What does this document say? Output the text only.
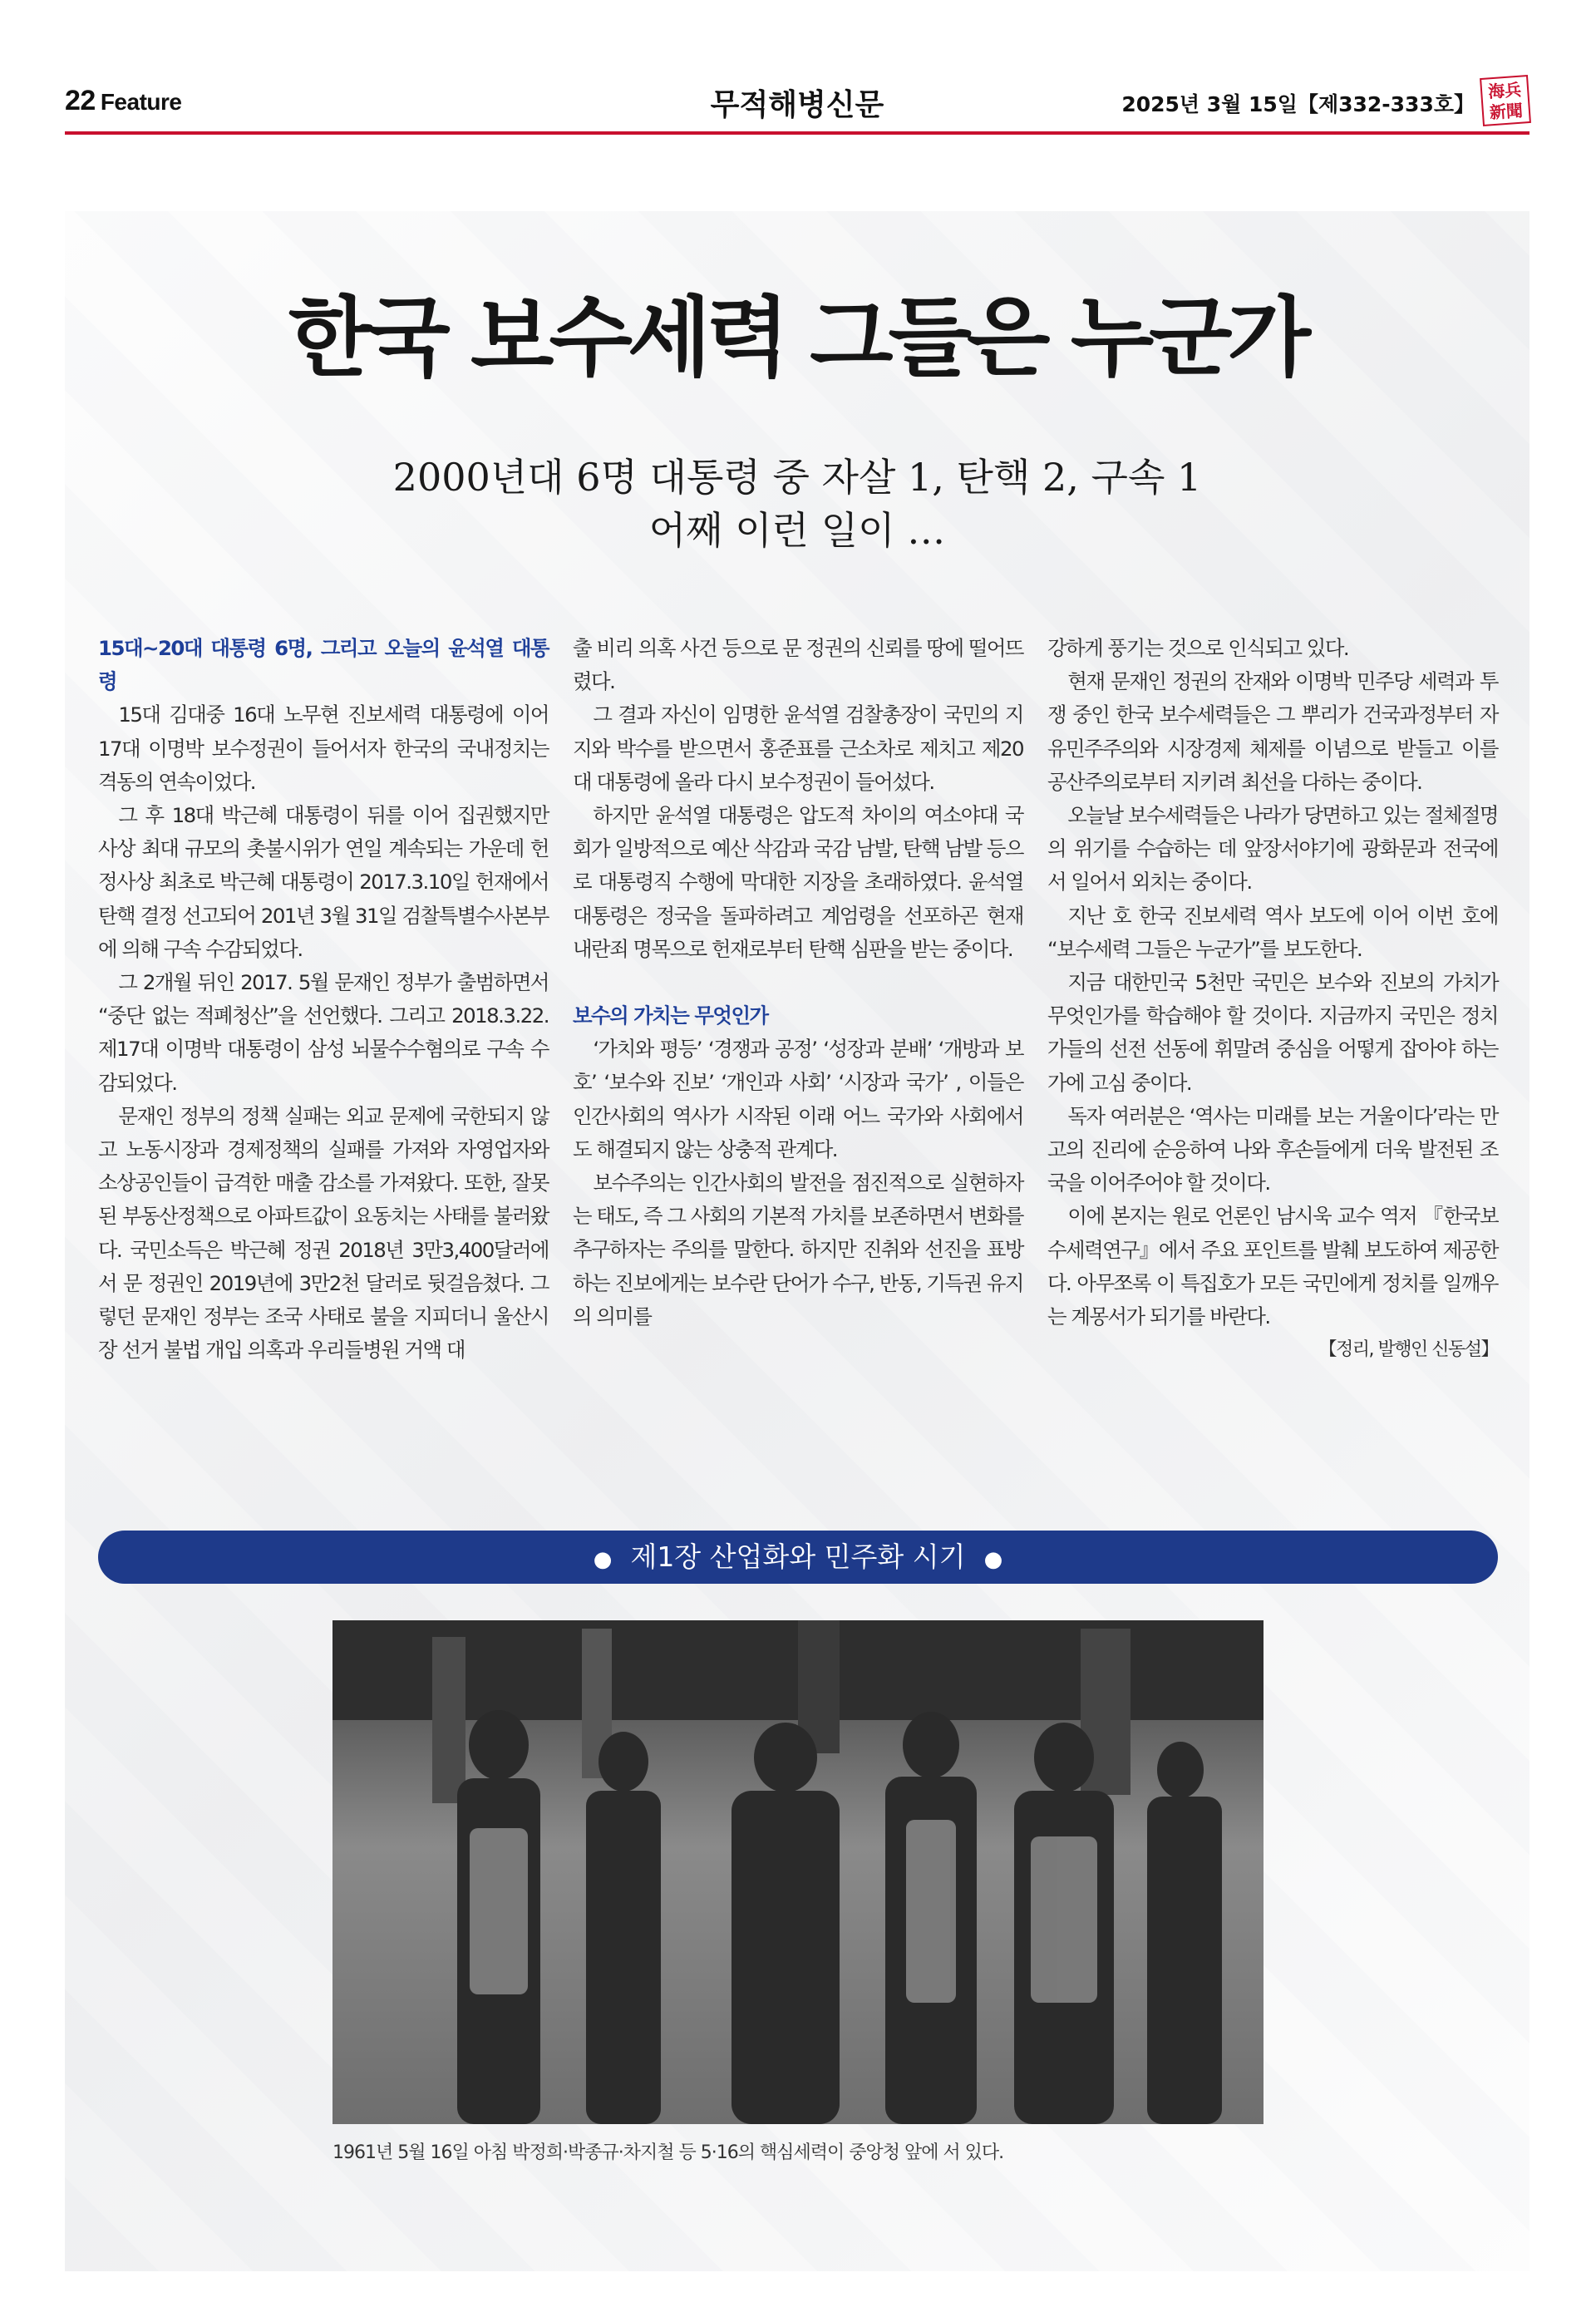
22 Feature	무적해병신문	2025년 3월 15일【제332-333호】
海兵
新聞
한국 보수세력 그들은 누군가
2000년대 6명 대통령 중 자살 1, 탄핵 2, 구속 1
어째 이런 일이 …

15대~20대 대통령 6명, 그리고 오늘의 윤석열 대통령

15대 김대중 16대 노무현 진보세력 대통령에 이어 17대 이명박 보수정권이 들어서자 한국의 국내정치는 격동의 연속이었다.

그 후 18대 박근혜 대통령이 뒤를 이어 집권했지만 사상 최대 규모의 촛불시위가 연일 계속되는 가운데 헌정사상 최초로 박근혜 대통령이 2017.3.10일 헌재에서 탄핵 결정 선고되어 201년 3월 31일 검찰특별수사본부에 의해 구속 수감되었다.

그 2개월 뒤인 2017. 5월 문재인 정부가 출범하면서 “중단 없는 적폐청산”을 선언했다. 그리고 2018.3.22. 제17대 이명박 대통령이 삼성 뇌물수수혐의로 구속 수감되었다.

문재인 정부의 정책 실패는 외교 문제에 국한되지 않고 노동시장과 경제정책의 실패를 가져와 자영업자와 소상공인들이 급격한 매출 감소를 가져왔다. 또한, 잘못된 부동산정책으로 아파트값이 요동치는 사태를 불러왔다. 국민소득은 박근혜 정권 2018년 3만3,400달러에서 문 정권인 2019년에 3만2천 달러로 뒷걸음쳤다. 그렇던 문재인 정부는 조국 사태로 불을 지피더니 울산시장 선거 불법 개입 의혹과 우리들병원 거액 대

출 비리 의혹 사건 등으로 문 정권의 신뢰를 땅에 떨어뜨렸다.

그 결과 자신이 임명한 윤석열 검찰총장이 국민의 지지와 박수를 받으면서 홍준표를 근소차로 제치고 제20대 대통령에 올라 다시 보수정권이 들어섰다.

하지만 윤석열 대통령은 압도적 차이의 여소야대 국회가 일방적으로 예산 삭감과 국감 남발, 탄핵 남발 등으로 대통령직 수행에 막대한 지장을 초래하였다. 윤석열 대통령은 정국을 돌파하려고 계엄령을 선포하곤 현재 내란죄 명목으로 헌재로부터 탄핵 심판을 받는 중이다.

보수의 가치는 무엇인가

‘가치와 평등’ ‘경쟁과 공정’ ‘성장과 분배’ ‘개방과 보호’ ‘보수와 진보’ ‘개인과 사회’ ‘시장과 국가’ , 이들은 인간사회의 역사가 시작된 이래 어느 국가와 사회에서도 해결되지 않는 상충적 관계다.

보수주의는 인간사회의 발전을 점진적으로 실현하자는 태도, 즉 그 사회의 기본적 가치를 보존하면서 변화를 추구하자는 주의를 말한다. 하지만 진취와 선진을 표방하는 진보에게는 보수란 단어가 수구, 반동, 기득권 유지의 의미를

강하게 풍기는 것으로 인식되고 있다.

현재 문재인 정권의 잔재와 이명박 민주당 세력과 투쟁 중인 한국 보수세력들은 그 뿌리가 건국과정부터 자유민주주의와 시장경제 체제를 이념으로 받들고 이를 공산주의로부터 지키려 최선을 다하는 중이다.

오늘날 보수세력들은 나라가 당면하고 있는 절체절명의 위기를 수습하는 데 앞장서야기에 광화문과 전국에서 일어서 외치는 중이다.

지난 호 한국 진보세력 역사 보도에 이어 이번 호에 “보수세력 그들은 누군가”를 보도한다.

지금 대한민국 5천만 국민은 보수와 진보의 가치가 무엇인가를 학습해야 할 것이다. 지금까지 국민은 정치가들의 선전 선동에 휘말려 중심을 어떻게 잡아야 하는가에 고심 중이다.

독자 여러분은 ‘역사는 미래를 보는 거울이다’라는 만고의 진리에 순응하여 나와 후손들에게 더욱 발전된 조국을 이어주어야 할 것이다.

이에 본지는 원로 언론인 남시욱 교수 역저 『한국보수세력연구』에서 주요 포인트를 발췌 보도하여 제공한다. 아무쪼록 이 특집호가 모든 국민에게 정치를 일깨우는 계몽서가 되기를 바란다.

【정리, 발행인 신동설】

● 제1장 산업화와 민주화 시기 ●
1961년 5월 16일 아침 박정희·박종규·차지철 등 5·16의 핵심세력이 중앙청 앞에 서 있다.
